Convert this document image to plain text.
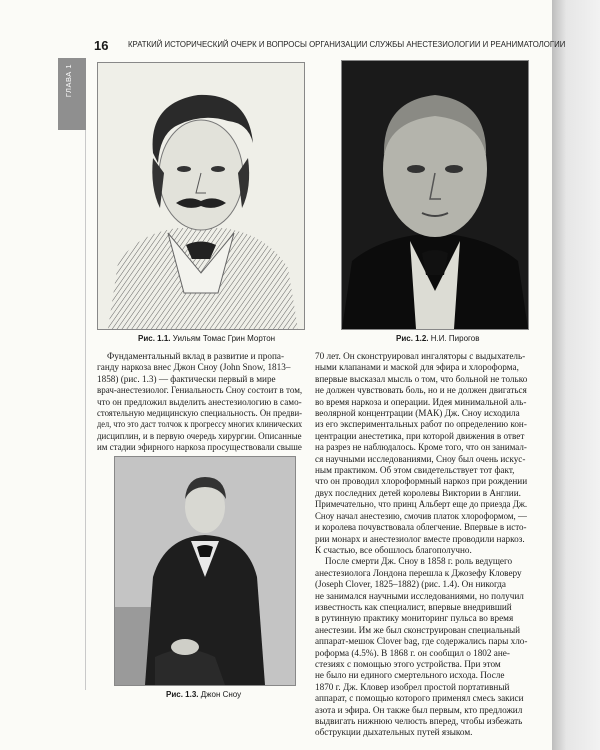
ГЛАВА 1
16	КРАТКИЙ ИСТОРИЧЕСКИЙ ОЧЕРК И ВОПРОСЫ ОРГАНИЗАЦИИ СЛУЖБЫ АНЕСТЕЗИОЛОГИИ И РЕАНИМАТОЛОГИИ
Рис. 1.1. Уильям Томас Грин Мортон	Рис. 1.2. Н.И. Пирогов
Рис. 1.3. Джон Сноу
Фундаментальный вклад в развитие и пропа-
ганду наркоза внес Джон Сноу (John Snow, 1813–
1858) (рис. 1.3) — фактически первый в мире
врач-анестезиолог. Гениальность Сноу состоит в том,
что он предложил выделить анестезиологию в само-
стоятельную медицинскую специальность. Он предви-
дел, что это даст толчок к прогрессу многих клинических
дисциплин, и в первую очередь хирургии. Описанные
им стадии эфирного наркоза просуществовали свыше
70 лет. Он сконструировал ингаляторы с выдыхатель-
ными клапанами и маской для эфира и хлороформа,
впервые высказал мысль о том, что больной не только
не должен чувствовать боль, но и не должен двигаться
во время наркоза и операции. Идея минимальной аль-
веолярной концентрации (МАК) Дж. Сноу исходила
из его экспериментальных работ по определению кон-
центрации анестетика, при которой движения в ответ
на разрез не наблюдалось. Кроме того, что он занимал-
ся научными исследованиями, Сноу был очень искус-
ным практиком. Об этом свидетельствует тот факт,
что он проводил хлороформный наркоз при рождении
двух последних детей королевы Виктории в Англии.
Примечательно, что принц Альберт еще до приезда Дж.
Сноу начал анестезию, смочив платок хлороформом, —
и королева почувствовала облегчение. Впервые в исто-
рии монарх и анестезиолог вместе проводили наркоз.
К счастью, все обошлось благополучно.
После смерти Дж. Сноу в 1858 г. роль ведущего
анестезиолога Лондона перешла к Джозефу Кловеру
(Joseph Clover, 1825–1882) (рис. 1.4). Он никогда
не занимался научными исследованиями, но получил
известность как специалист, впервые внедривший
в рутинную практику мониторинг пульса во время
анестезии. Им же был сконструирован специальный
аппарат-мешок Clover bag, где содержались пары хло-
роформа (4.5%). В 1868 г. он сообщил о 1802 ане-
стезиях с помощью этого устройства. При этом
не было ни единого смертельного исхода. После
1870 г. Дж. Кловер изобрел простой портативный
аппарат, с помощью которого применял смесь закиси
азота и эфира. Он также был первым, кто предложил
выдвигать нижнюю челюсть вперед, чтобы избежать
обструкции дыхательных путей языком.
